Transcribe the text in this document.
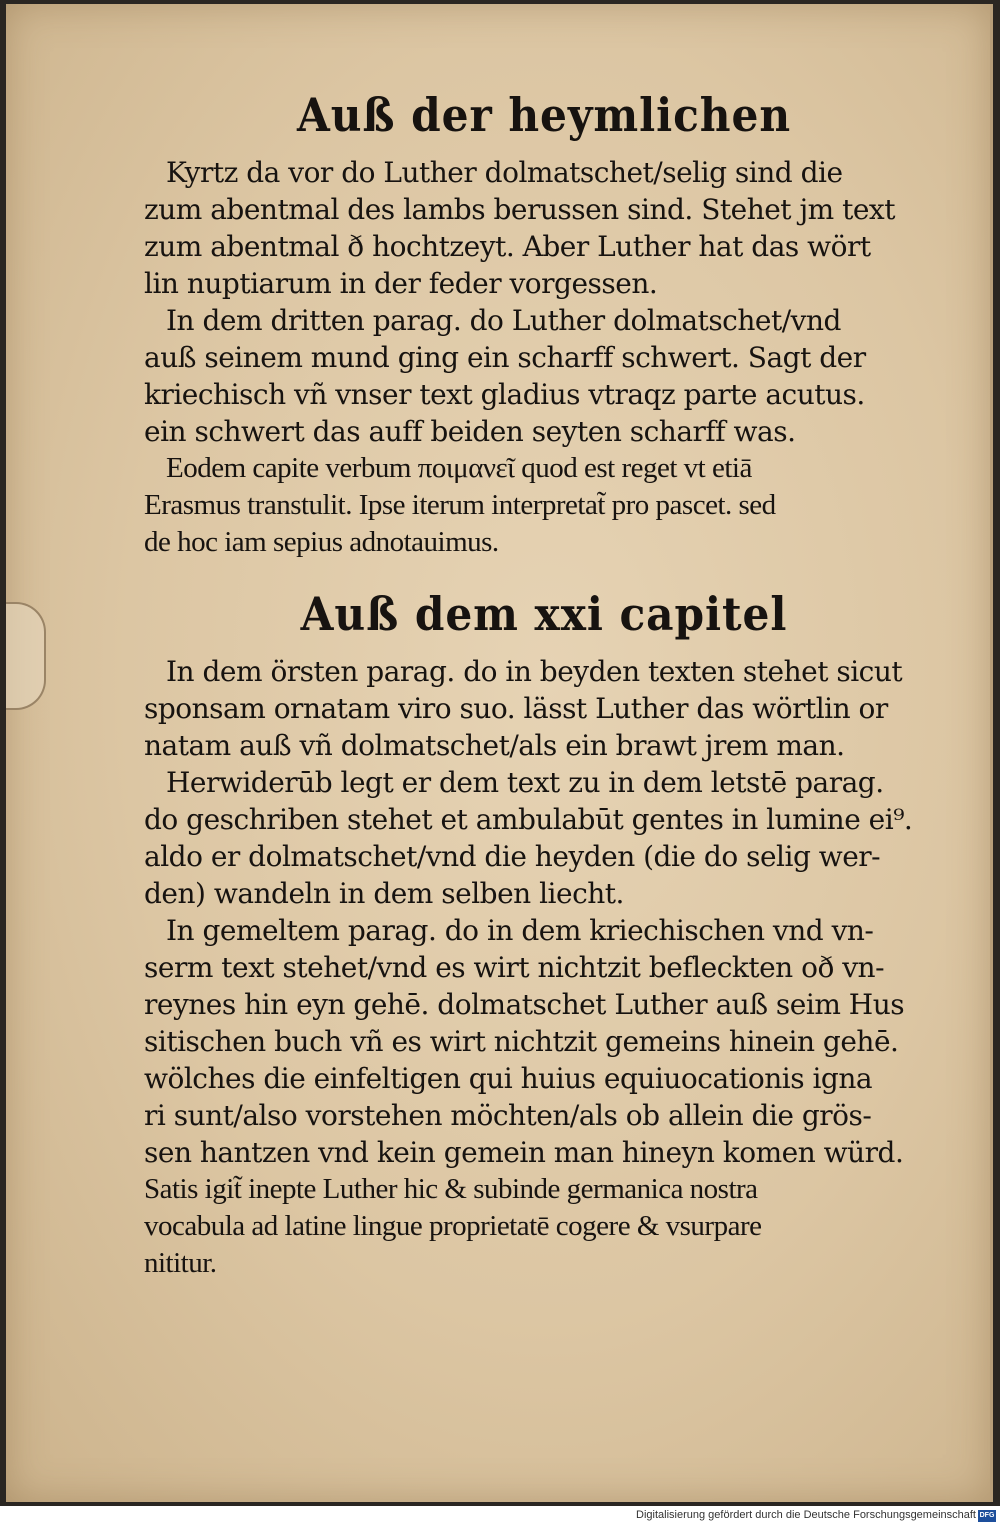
Auß der heymlichen
Kyrtz da vor do Luther dolmatschet/selig sind die
zum abentmal des lambs berussen sind. Stehet jm text
zum abentmal ð hochtzeyt. Aber Luther hat das wört
lin nuptiarum in der feder vorgessen.
In dem dritten parag. do Luther dolmatschet/vnd
auß seinem mund ging ein scharff schwert. Sagt der
kriechisch vñ vnser text gladius vtraqz parte acutus.
ein schwert das auff beiden seyten scharff was.
Eodem capite verbum ποιμανεῖ quod est reget vt etiā
Erasmus transtulit. Ipse iterum interpretat̃ pro pascet. sed
de hoc iam sepius adnotauimus.
Auß dem xxi capitel
In dem örsten parag. do in beyden texten stehet sicut
sponsam ornatam viro suo. lässt Luther das wörtlin or
natam auß vñ dolmatschet/als ein brawt jrem man.
Herwiderūb legt er dem text zu in dem letstē parag.
do geschriben stehet et ambulabūt gentes in lumine ei⁹.
aldo er dolmatschet/vnd die heyden (die do selig wer-
den) wandeln in dem selben liecht.
In gemeltem parag. do in dem kriechischen vnd vn-
serm text stehet/vnd es wirt nichtzit befleckten oð vn-
reynes hin eyn gehē. dolmatschet Luther auß seim Hus
sitischen buch vñ es wirt nichtzit gemeins hinein gehē.
wölches die einfeltigen qui huius equiuocationis igna
ri sunt/also vorstehen möchten/als ob allein die grös-
sen hantzen vnd kein gemein man hineyn komen würd.
Satis igit̃ inepte Luther hic & subinde germanica nostra
vocabula ad latine lingue proprietatē cogere & vsurpare
nititur.
Digitalisierung gefördert durch die Deutsche Forschungsgemeinschaft DFG
